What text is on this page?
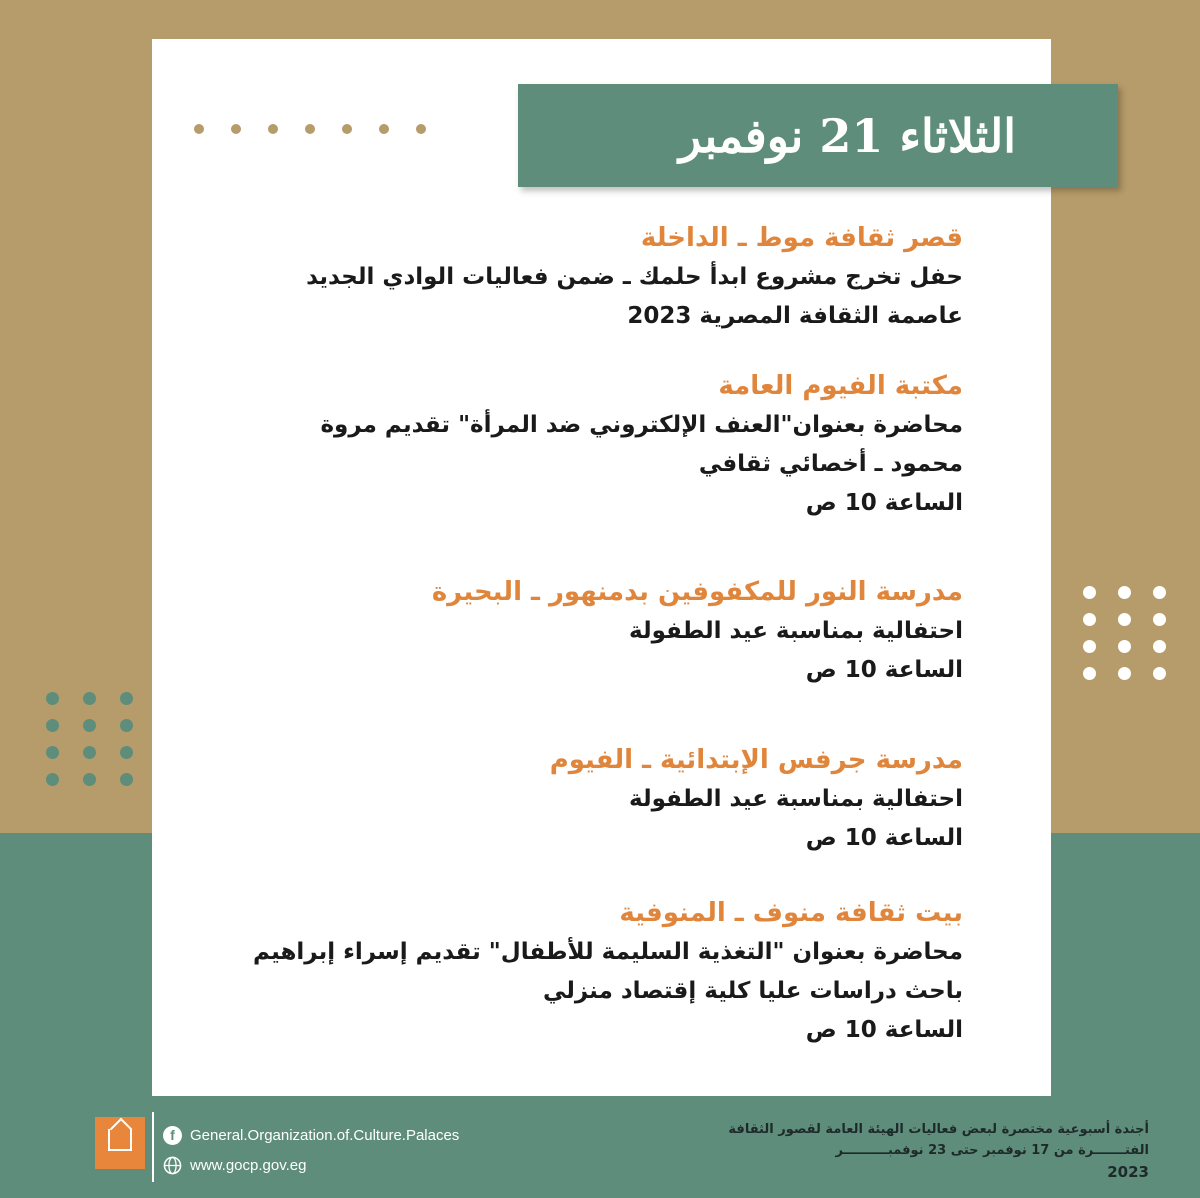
الثلاثاء 21 نوفمبر
قصر ثقافة موط ـ الداخلة
حفل تخرج مشروع ابدأ حلمك ـ ضمن فعاليات الوادي الجديد
عاصمة الثقافة المصرية 2023
مكتبة الفيوم العامة
محاضرة بعنوان"العنف الإلكتروني ضد المرأة" تقديم مروة
محمود ـ أخصائي ثقافي
الساعة 10 ص
مدرسة النور للمكفوفين بدمنهور ـ البحيرة
احتفالية بمناسبة عيد الطفولة
الساعة 10 ص
مدرسة جرفس الإبتدائية ـ الفيوم
احتفالية بمناسبة عيد الطفولة
الساعة 10 ص
بيت ثقافة منوف ـ المنوفية
محاضرة بعنوان "التغذية السليمة للأطفال" تقديم إسراء إبراهيم
باحث دراسات عليا كلية إقتصاد منزلي
الساعة 10 ص
f	General.Organization.of.Culture.Palaces
www.gocp.gov.eg
أجندة أسبوعية مختصرة لبعض فعاليات الهيئة العامة لقصور الثقافة
الفتـــــــرة من 17 نوفمبر حتى 23 نوفمبــــــــــر
2023
